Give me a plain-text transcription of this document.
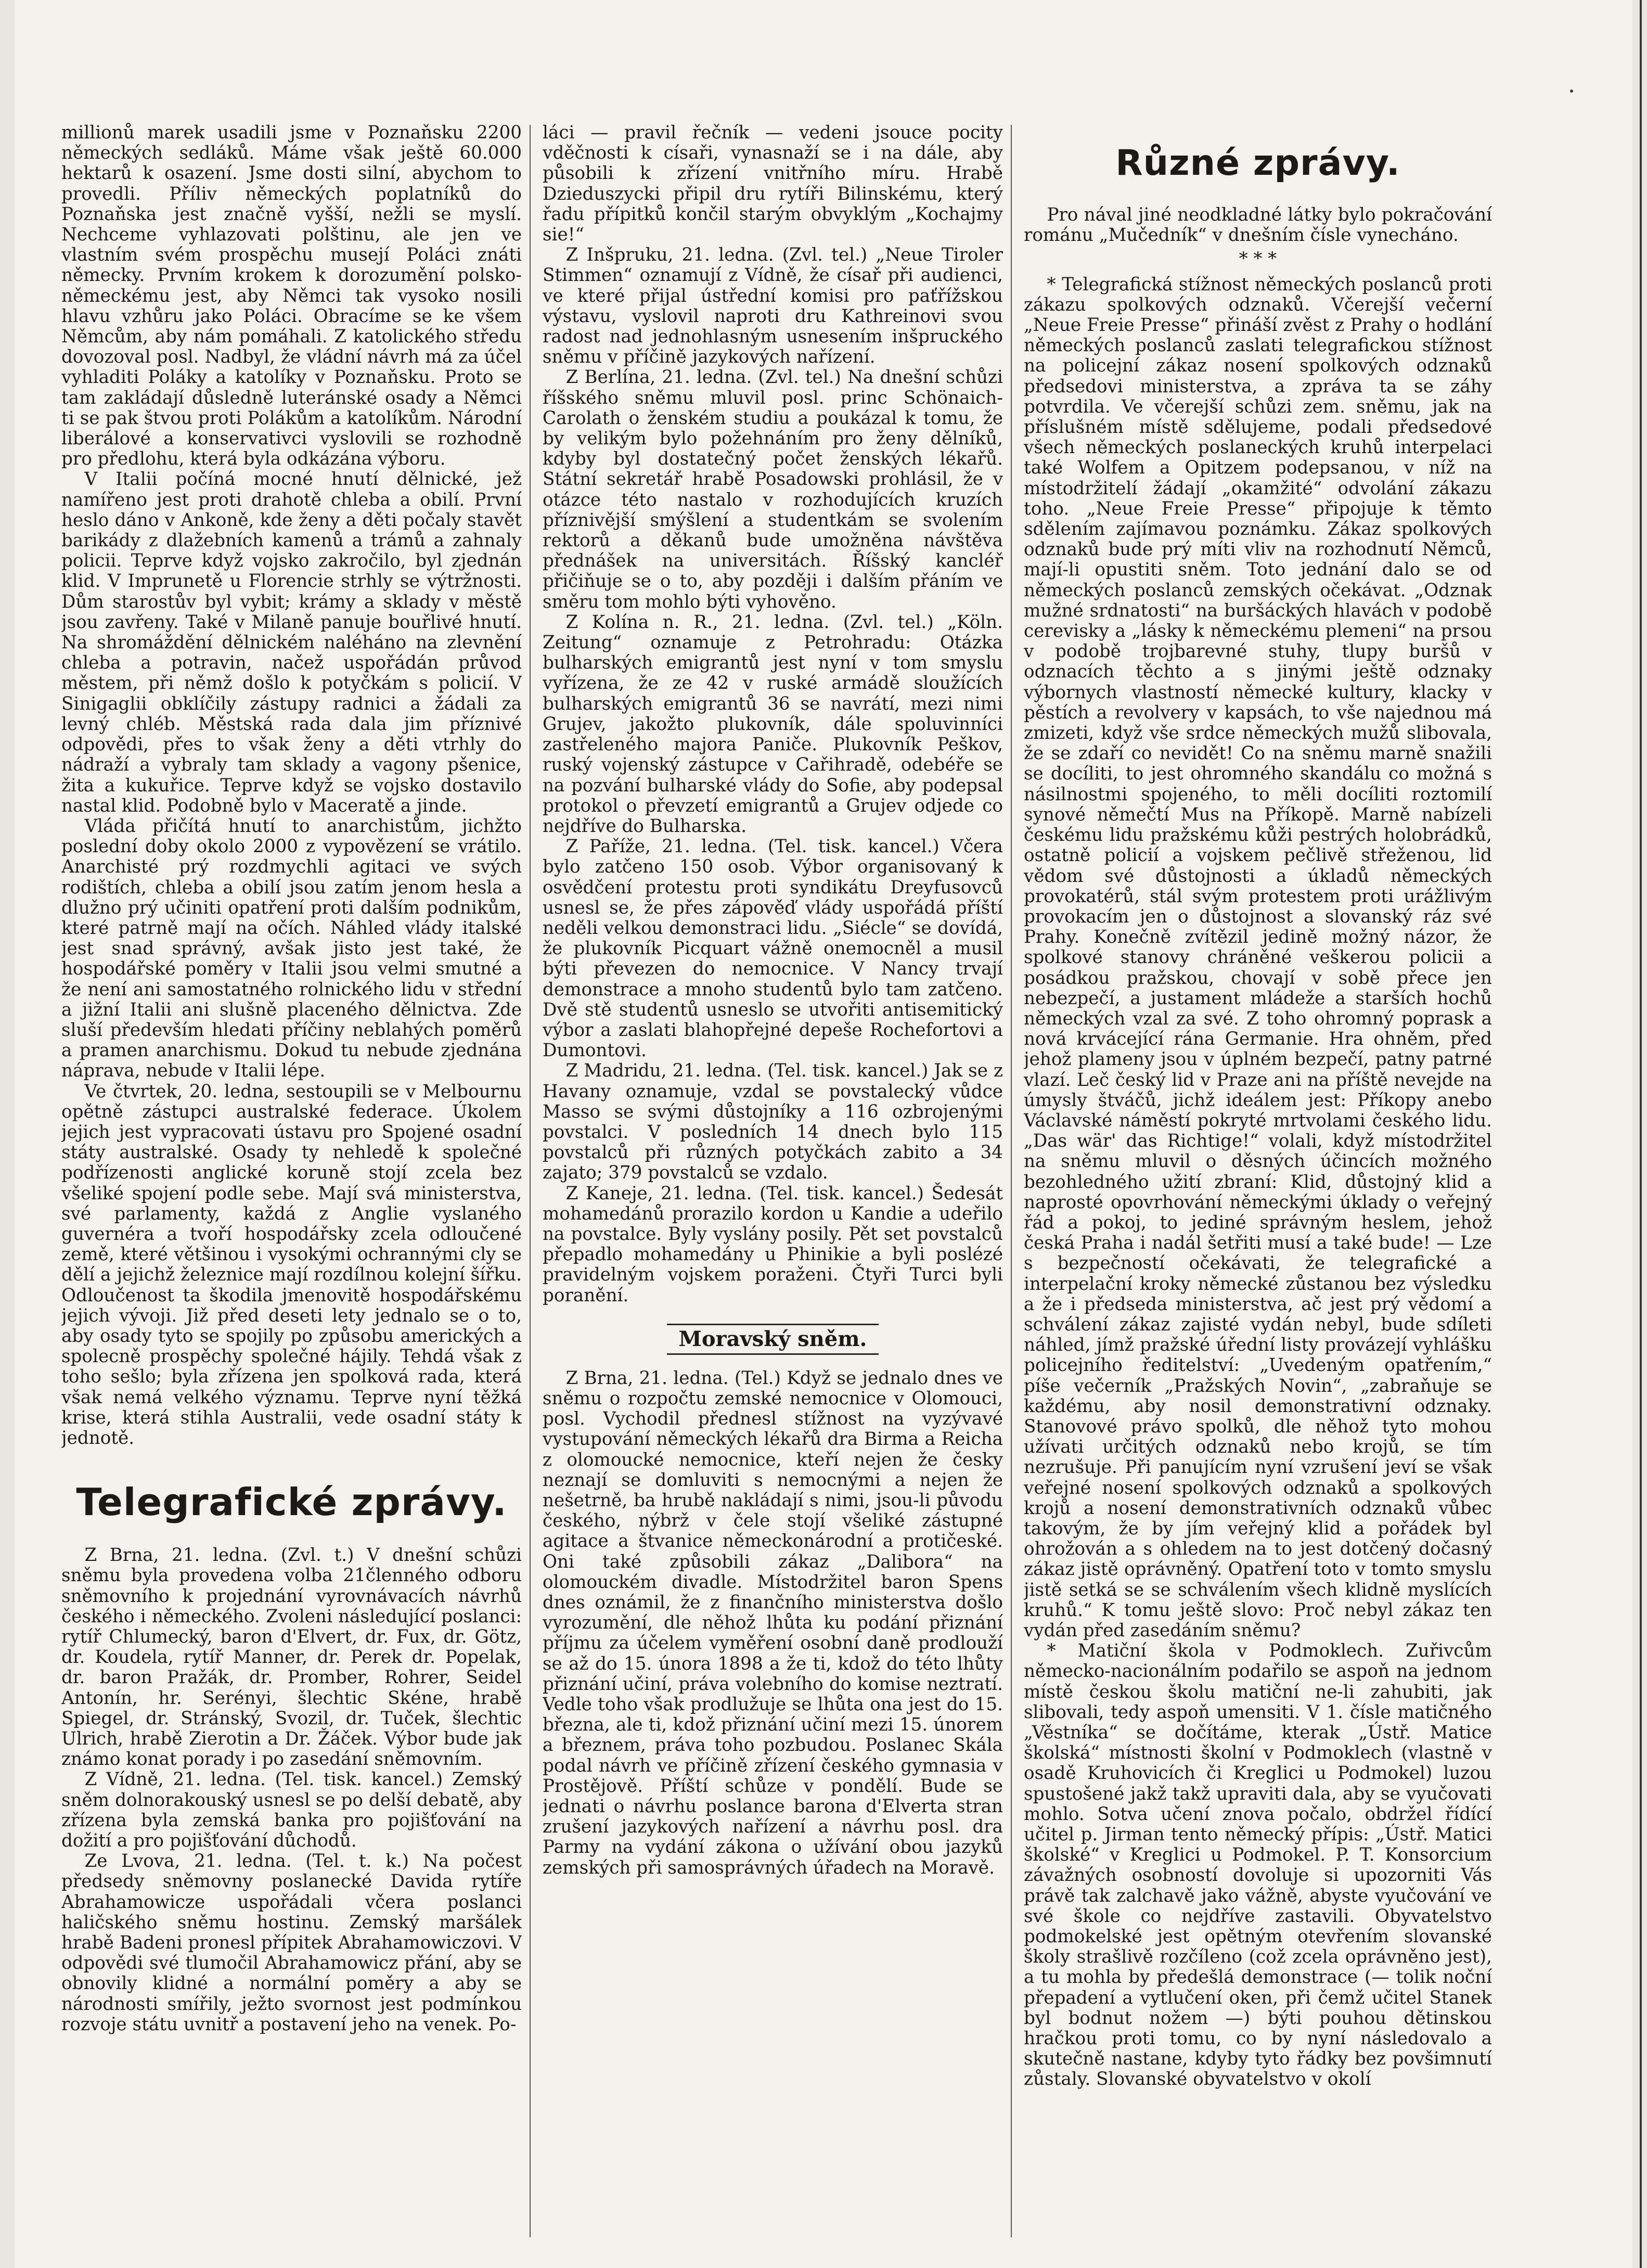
millionů marek usadili jsme v Poznaňsku 2200 německých sedláků. Máme však ještě 60.000 hektarů k osazení. Jsme dosti silní, abychom to provedli. Příliv německých poplatníků do Poznaňska jest značně vyšší, nežli se myslí. Nechceme vyhlazovati polštinu, ale jen ve vlastním svém prospěchu musejí Poláci znáti německy. Prvním krokem k dorozumění polsko-německému jest, aby Němci tak vysoko nosili hlavu vzhůru jako Poláci. Obracíme se ke všem Němcům, aby nám pomáhali. Z katolického středu dovozoval posl. Nadbyl, že vládní návrh má za účel vyhladiti Poláky a katolíky v Poznaňsku. Proto se tam zakládají důsledně luteránské osady a Němci ti se pak štvou proti Polákům a katolíkům. Národní liberálové a konservativci vyslovili se rozhodně pro předlohu, která byla odkázána výboru.

V Italii počíná mocné hnutí dělnické, jež namířeno jest proti drahotě chleba a obilí. První heslo dáno v Ankoně, kde ženy a děti počaly stavět barikády z dlažebních kamenů a trámů a zahnaly policii. Teprve když vojsko zakročilo, byl zjednán klid. V Imprunetě u Florencie strhly se výtržnosti. Dům starostův byl vybit; krámy a sklady v městě jsou zavřeny. Také v Milaně panuje bouřlivé hnutí. Na shromáždění dělnickém naléháno na zlevnění chleba a potravin, načež uspořádán průvod městem, při němž došlo k potyčkám s policií. V Sinigaglii obklíčily zástupy radnici a žádali za levný chléb. Městská rada dala jim příznivé odpovědi, přes to však ženy a děti vtrhly do nádraží a vybraly tam sklady a vagony pšenice, žita a kukuřice. Teprve když se vojsko dostavilo nastal klid. Podobně bylo v Maceratě a jinde.

Vláda přičítá hnutí to anarchistům, jichžto poslední doby okolo 2000 z vypovězení se vrátilo. Anarchisté prý rozdmychli agitaci ve svých rodištích, chleba a obilí jsou zatím jenom hesla a dlužno prý učiniti opatření proti dalším podnikům, které patrně mají na očích. Náhled vlády italské jest snad správný, avšak jisto jest také, že hospodářské poměry v Italii jsou velmi smutné a že není ani samostatného rolnického lidu v střední a jižní Italii ani slušně placeného dělnictva. Zde sluší především hledati příčiny neblahých poměrů a pramen anarchismu. Dokud tu nebude zjednána náprava, nebude v Italii lépe.

Ve čtvrtek, 20. ledna, sestoupili se v Melbournu opětně zástupci australské federace. Úkolem jejich jest vypracovati ústavu pro Spojené osadní státy australské. Osady ty nehledě k společné podřízenosti anglické koruně stojí zcela bez všeliké spojení podle sebe. Mají svá ministerstva, své parlamenty, každá z Anglie vyslaného guvernéra a tvoří hospodářsky zcela odloučené země, které většinou i vysokými ochrannými cly se dělí a jejichž železnice mají rozdílnou kolejní šířku. Odloučenost ta škodila jmenovitě hospodářskému jejich vývoji. Již před deseti lety jednalo se o to, aby osady tyto se spojily po způsobu amerických a spolecně prospěchy společné hájily. Tehdá však z toho sešlo; byla zřízena jen spolková rada, která však nemá velkého významu. Teprve nyní těžká krise, která stihla Australii, vede osadní státy k jednotě.

Telegrafické zprávy.

Z Brna, 21. ledna. (Zvl. t.) V dnešní schůzi sněmu byla provedena volba 21členného odboru sněmovního k projednání vyrovnávacích návrhů českého i německého. Zvoleni následující poslanci: rytíř Chlumecký, baron d'Elvert, dr. Fux, dr. Götz, dr. Koudela, rytíř Manner, dr. Perek dr. Popelak, dr. baron Pražák, dr. Promber, Rohrer, Seidel Antonín, hr. Serényi, šlechtic Skéne, hrabě Spiegel, dr. Stránský, Svozil, dr. Tuček, šlechtic Ulrich, hrabě Zierotin a Dr. Žáček. Výbor bude jak známo konat porady i po zasedání sněmovním.

Z Vídně, 21. ledna. (Tel. tisk. kancel.) Zemský sněm dolnorakouský usnesl se po delší debatě, aby zřízena byla zemská banka pro pojišťování na dožití a pro pojišťování důchodů.

Ze Lvova, 21. ledna. (Tel. t. k.) Na počest předsedy sněmovny poslanecké Davida rytíře Abrahamowicze uspořádali včera poslanci haličského sněmu hostinu. Zemský maršálek hrabě Badeni pronesl přípitek Abrahamowiczovi. V odpovědi své tlumočil Abrahamowicz přání, aby se obnovily klidné a normální poměry a aby se národnosti smířily, ježto svornost jest podmínkou rozvoje státu uvnitř a postavení jeho na venek. Po-

láci — pravil řečník — vedeni jsouce pocity vděčnosti k císaři, vynasnaží se i na dále, aby působili k zřízení vnitřního míru. Hrabě Dzieduszycki připil dru rytíři Bilinskému, který řadu přípitků končil starým obvyklým „Kochajmy sie!“

Z Inšpruku, 21. ledna. (Zvl. tel.) „Neue Tiroler Stimmen“ oznamují z Vídně, že císař při audienci, ve které přijal ústřední komisi pro paťřížskou výstavu, vyslovil naproti dru Kathreinovi svou radost nad jednohlasným usnesením inšpruckého sněmu v příčině jazykových nařízení.

Z Berlína, 21. ledna. (Zvl. tel.) Na dnešní schůzi říšského sněmu mluvil posl. princ Schönaich-Carolath o ženském studiu a poukázal k tomu, že by velikým bylo požehnáním pro ženy dělníků, kdyby byl dostatečný počet ženských lékařů. Státní sekretář hrabě Posadowski prohlásil, že v otázce této nastalo v rozhodujících kruzích příznivější smýšlení a studentkám se svolením rektorů a děkanů bude umožněna návštěva přednášek na universitách. Říšský kancléř přičiňuje se o to, aby později i dalším přáním ve směru tom mohlo býti vyhověno.

Z Kolína n. R., 21. ledna. (Zvl. tel.) „Köln. Zeitung“ oznamuje z Petrohradu: Otázka bulharských emigrantů jest nyní v tom smyslu vyřízena, že ze 42 v ruské armádě sloužících bulharských emigrantů 36 se navrátí, mezi nimi Grujev, jakožto plukovník, dále spoluvinníci zastřeleného majora Paniče. Plukovník Peškov, ruský vojenský zástupce v Cařihradě, odebéře se na pozvání bulharské vlády do Sofie, aby podepsal protokol o převzetí emigrantů a Grujev odjede co nejdříve do Bulharska.

Z Paříže, 21. ledna. (Tel. tisk. kancel.) Včera bylo zatčeno 150 osob. Výbor organisovaný k osvědčení protestu proti syndikátu Dreyfusovců usnesl se, že přes zápověď vlády uspořádá příští neděli velkou demonstraci lidu. „Siécle“ se dovídá, že plukovník Picquart vážně onemocněl a musil býti převezen do nemocnice. V Nancy trvají demonstrace a mnoho studentů bylo tam zatčeno. Dvě stě studentů usneslo se utvořiti antisemitický výbor a zaslati blahopřejné depeše Rochefortovi a Dumontovi.

Z Madridu, 21. ledna. (Tel. tisk. kancel.) Jak se z Havany oznamuje, vzdal se povstalecký vůdce Masso se svými důstojníky a 116 ozbrojenými povstalci. V posledních 14 dnech bylo 115 povstalců při různých potyčkách zabito a 34 zajato; 379 povstalců se vzdalo.

Z Kaneje, 21. ledna. (Tel. tisk. kancel.) Šedesát mohamedánů prorazilo kordon u Kandie a udeřilo na povstalce. Byly vyslány posily. Pět set povstalců přepadlo mohamedány u Phinikie a byli poslézé pravidelným vojskem poraženi. Čtyři Turci byli poranění.

Moravský sněm.

Z Brna, 21. ledna. (Tel.) Když se jednalo dnes ve sněmu o rozpočtu zemské nemocnice v Olomouci, posl. Vychodil přednesl stížnost na vyzývavé vystupování německých lékařů dra Birma a Reicha z olomoucké nemocnice, kteří nejen že česky neznají se domluviti s nemocnými a nejen že nešetrně, ba hrubě nakládají s nimi, jsou-li původu českého, nýbrž v čele stojí všeliké zástupné agitace a štvanice německonárodní a protičeské. Oni také způsobili zákaz „Dalibora“ na olomouckém divadle. Místodržitel baron Spens dnes oznámil, že z finančního ministerstva došlo vyrozumění, dle něhož lhůta ku podání přiznání příjmu za účelem vyměření osobní daně prodlouží se až do 15. února 1898 a že ti, kdož do této lhůty přiznání učiní, práva volebního do komise neztratí. Vedle toho však prodlužuje se lhůta ona jest do 15. března, ale ti, kdož přiznání učiní mezi 15. únorem a březnem, práva toho pozbudou. Poslanec Skála podal návrh ve příčině zřízení českého gymnasia v Prostějově. Příští schůze v pondělí. Bude se jednati o návrhu poslance barona d'Elverta stran zrušení jazykových nařízení a návrhu posl. dra Parmy na vydání zákona o užívání obou jazyků zemských při samosprávných úřadech na Moravě.

Různé zprávy.

Pro nával jiné neodkladné látky bylo pokračování románu „Mučedník“ v dnešním čísle vynecháno.

* * *

* Telegrafická stížnost německých poslanců proti zákazu spolkových odznaků. Včerejší večerní „Neue Freie Presse“ přináší zvěst z Prahy o hodlání německých poslanců zaslati telegrafickou stížnost na policejní zákaz nosení spolkových odznaků předsedovi ministerstva, a zpráva ta se záhy potvrdila. Ve včerejší schůzi zem. sněmu, jak na příslušném místě sdělujeme, podali předsedové všech německých poslaneckých kruhů interpelaci také Wolfem a Opitzem podepsanou, v níž na místodržitelí žádají „okamžité“ odvolání zákazu toho. „Neue Freie Presse“ připojuje k těmto sdělením zajímavou poznámku. Zákaz spolkových odznaků bude prý míti vliv na rozhodnutí Němců, mají-li opustiti sněm. Toto jednání dalo se od německých poslanců zemských očekávat. „Odznak mužné srdnatosti“ na buršáckých hlavách v podobě cerevisky a „lásky k německému plemeni“ na prsou v podobě trojbarevné stuhy, tlupy buršů v odznacích těchto a s jinými ještě odznaky výbornych vlastností německé kultury, klacky v pěstích a revolvery v kapsách, to vše najednou má zmizeti, když vše srdce německých mužů slibovala, že se zdaří co nevidět! Co na sněmu marně snažili se docíliti, to jest ohromného skandálu co možná s násilnostmi spojeného, to měli docíliti roztomilí synové němečtí Mus na Příkopě. Marně nabízeli českému lidu pražskému kůži pestrých holobrádků, ostatně policií a vojskem pečlivě střeženou, lid vědom své důstojnosti a úkladů německých provokatérů, stál svým protestem proti urážlivým provokacím jen o důstojnost a slovanský ráz své Prahy. Konečně zvítězil jedině možný názor, že spolkové stanovy chráněné veškerou policii a posádkou pražskou, chovají v sobě přece jen nebezpečí, a justament mládeže a starších hochů německých vzal za své. Z toho ohromný poprask a nová krvácející rána Germanie. Hra ohněm, před jehož plameny jsou v úplném bezpečí, patny patrné vlazí. Leč český lid v Praze ani na příště nevejde na úmysly štváčů, jichž ideálem jest: Příkopy anebo Václavské náměstí pokryté mrtvolami českého lidu. „Das wär' das Richtige!“ volali, když místodržitel na sněmu mluvil o děsných účincích možného bezohledného užití zbraní: Klid, důstojný klid a naprosté opovrhování německými úklady o veřejný řád a pokoj, to jediné správným heslem, jehož česká Praha i nadál šetřiti musí a také bude! — Lze s bezpečností očekávati, že telegrafické a interpelační kroky německé zůstanou bez výsledku a že i předseda ministerstva, ač jest prý vědomí a schválení zákaz zajisté vydán nebyl, bude sdíleti náhled, jímž pražské úřední listy provázejí vyhlášku policejního ředitelství: „Uvedeným opatřením,“ píše večerník „Pražských Novin“, „zabraňuje se každému, aby nosil demonstrativní odznaky. Stanovové právo spolků, dle něhož tyto mohou užívati určitých odznaků nebo krojů, se tím nezrušuje. Při panujícím nyní vzrušení jeví se však veřejné nosení spolkových odznaků a spolkových krojů a nosení demonstrativních odznaků vůbec takovým, že by jím veřejný klid a pořádek byl ohrožován a s ohledem na to jest dotčený dočasný zákaz jistě oprávněný. Opatření toto v tomto smyslu jistě setká se se schválením všech klidně myslících kruhů.“ K tomu ještě slovo: Proč nebyl zákaz ten vydán před zasedáním sněmu?

* Matiční škola v Podmoklech. Zuřivcům německo-nacionálním podařilo se aspoň na jednom místě českou školu matiční ne-li zahubiti, jak slibovali, tedy aspoň umensiti. V 1. čísle matičného „Věstníka“ se dočítáme, kterak „Ústř. Matice školská“ místnosti školní v Podmoklech (vlastně v osadě Kruhovicích či Kreglici u Podmokel) luzou spustošené jakž takž upraviti dala, aby se vyučovati mohlo. Sotva učení znova počalo, obdržel řídící učitel p. Jirman tento německý přípis: „Ústř. Matici školské“ v Kreglici u Podmokel. P. T. Konsorcium závažných osobností dovoluje si upozorniti Vás právě tak zalchavě jako vážně, abyste vyučování ve své škole co nejdříve zastavili. Obyvatelstvo podmokelské jest opětným otevřením slovanské školy strašlivě rozčíleno (což zcela oprávněno jest), a tu mohla by předešlá demonstrace (— tolik noční přepadení a vytlučení oken, při čemž učitel Stanek byl bodnut nožem —) býti pouhou dětinskou hračkou proti tomu, co by nyní následovalo a skutečně nastane, kdyby tyto řádky bez povšimnutí zůstaly. Slovanské obyvatelstvo v okolí
